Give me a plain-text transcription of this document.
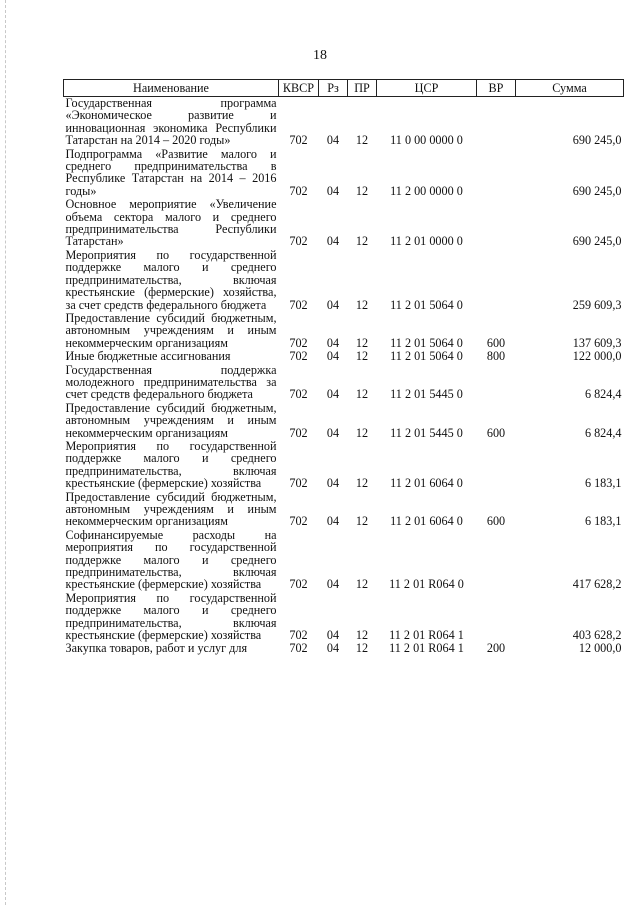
18
Наименование	КВСР	Рз	ПР	ЦСР	ВР	Сумма
Государственная программа «Экономическое развитие и инновационная экономика Республики Татарстан на 2014 – 2020 годы»	702	04	12	11 0 00 0000 0		690 245,0
Подпрограмма «Развитие малого и среднего предпринимательства в Республике Татарстан на 2014 – 2016 годы»	702	04	12	11 2 00 0000 0		690 245,0
Основное мероприятие «Увеличение объема сектора малого и среднего предпринимательства Республики Татарстан»	702	04	12	11 2 01 0000 0		690 245,0
Мероприятия по государственной поддержке малого и среднего предпринимательства, включая крестьянские (фермерские) хозяйства, за счет средств федерального бюджета	702	04	12	11 2 01 5064 0		259 609,3
Предоставление субсидий бюджетным, автономным учреждениям и иным некоммерческим организациям	702	04	12	11 2 01 5064 0	600	137 609,3
Иные бюджетные ассигнования	702	04	12	11 2 01 5064 0	800	122 000,0
Государственная поддержка молодежного предпринимательства за счет средств федерального бюджета	702	04	12	11 2 01 5445 0		6 824,4
Предоставление субсидий бюджетным, автономным учреждениям и иным некоммерческим организациям	702	04	12	11 2 01 5445 0	600	6 824,4
Мероприятия по государственной поддержке малого и среднего предпринимательства, включая крестьянские (фермерские) хозяйства	702	04	12	11 2 01 6064 0		6 183,1
Предоставление субсидий бюджетным, автономным учреждениям и иным некоммерческим организациям	702	04	12	11 2 01 6064 0	600	6 183,1
Софинансируемые расходы на мероприятия по государственной поддержке малого и среднего предпринимательства, включая крестьянские (фермерские) хозяйства	702	04	12	11 2 01 R064 0		417 628,2
Мероприятия по государственной поддержке малого и среднего предпринимательства, включая крестьянские (фермерские) хозяйства	702	04	12	11 2 01 R064 1		403 628,2
Закупка товаров, работ и услуг для	702	04	12	11 2 01 R064 1	200	12 000,0
